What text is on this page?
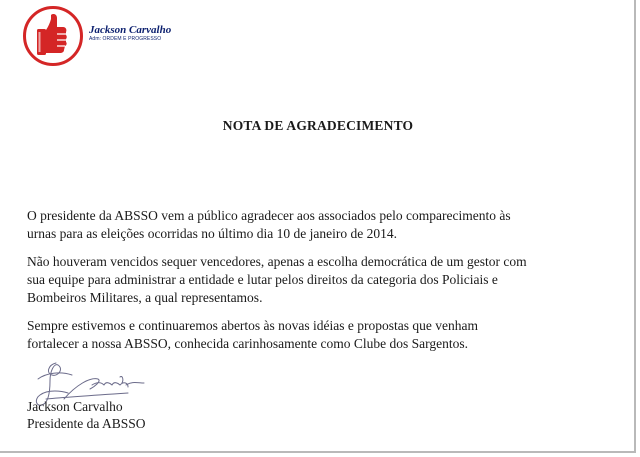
Jackson Carvalho
Adm: ORDEM E PROGRESSO
NOTA DE AGRADECIMENTO

O presidente da ABSSO vem a público agradecer aos associados pelo comparecimento às
urnas para as eleições ocorridas no último dia 10 de janeiro de 2014.

Não houveram vencidos sequer vencedores, apenas a escolha democrática de um gestor com
sua equipe para administrar a entidade e lutar pelos direitos da categoria dos Policiais e
Bombeiros Militares, a qual representamos.

Sempre estivemos e continuaremos abertos às novas idéias e propostas que venham
fortalecer a nossa ABSSO, conhecida carinhosamente como Clube dos Sargentos.

Jackson Carvalho
Presidente da ABSSO
